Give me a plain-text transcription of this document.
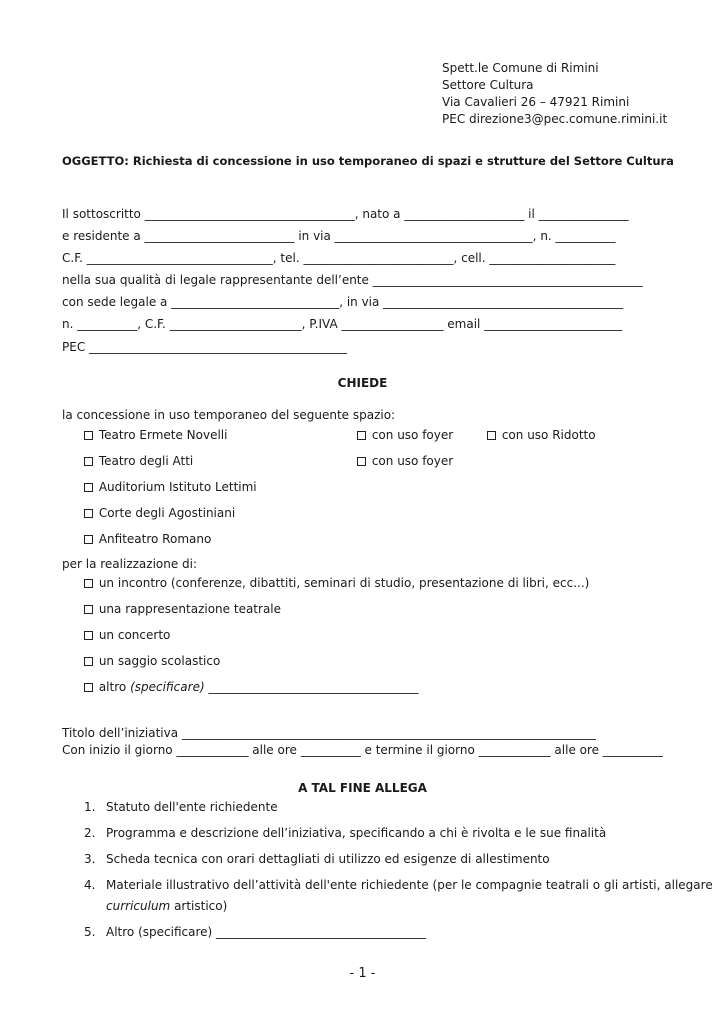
Spett.le Comune di Rimini
Settore Cultura
Via Cavalieri 26 – 47921 Rimini
PEC direzione3@pec.comune.rimini.it
OGGETTO: Richiesta di concessione in uso temporaneo di spazi e strutture del Settore Cultura
Il sottoscritto ___________________________________, nato a ____________________ il _______________
e residente a _________________________ in via _________________________________, n. __________
C.F. _______________________________, tel. _________________________, cell. _____________________
nella sua qualità di legale rappresentante dell’ente _____________________________________________
con sede legale a ____________________________, in via ________________________________________
n. __________, C.F. ______________________, P.IVA _________________ email _______________________
PEC ___________________________________________
CHIEDE
la concessione in uso temporaneo del seguente spazio:
Teatro Ermete Novelli	con uso foyer	con uso Ridotto
Teatro degli Atti	con uso foyer
Auditorium Istituto Lettimi
Corte degli Agostiniani
Anfiteatro Romano
per la realizzazione di:
un incontro (conferenze, dibattiti, seminari di studio, presentazione di libri, ecc...)
una rappresentazione teatrale
un concerto
un saggio scolastico
altro (specificare) ___________________________________
Titolo dell’iniziativa _____________________________________________________________________
Con inizio il giorno ____________ alle ore __________ e termine il giorno ____________ alle ore __________
A TAL FINE ALLEGA
1. Statuto dell'ente richiedente
2. Programma e descrizione dell’iniziativa, specificando a chi è rivolta e le sue finalità
3. Scheda tecnica con orari dettagliati di utilizzo ed esigenze di allestimento
4. Materiale illustrativo dell’attività dell'ente richiedente (per le compagnie teatrali o gli artisti, allegare
curriculum artistico)
5. Altro (specificare) ___________________________________
- 1 -
